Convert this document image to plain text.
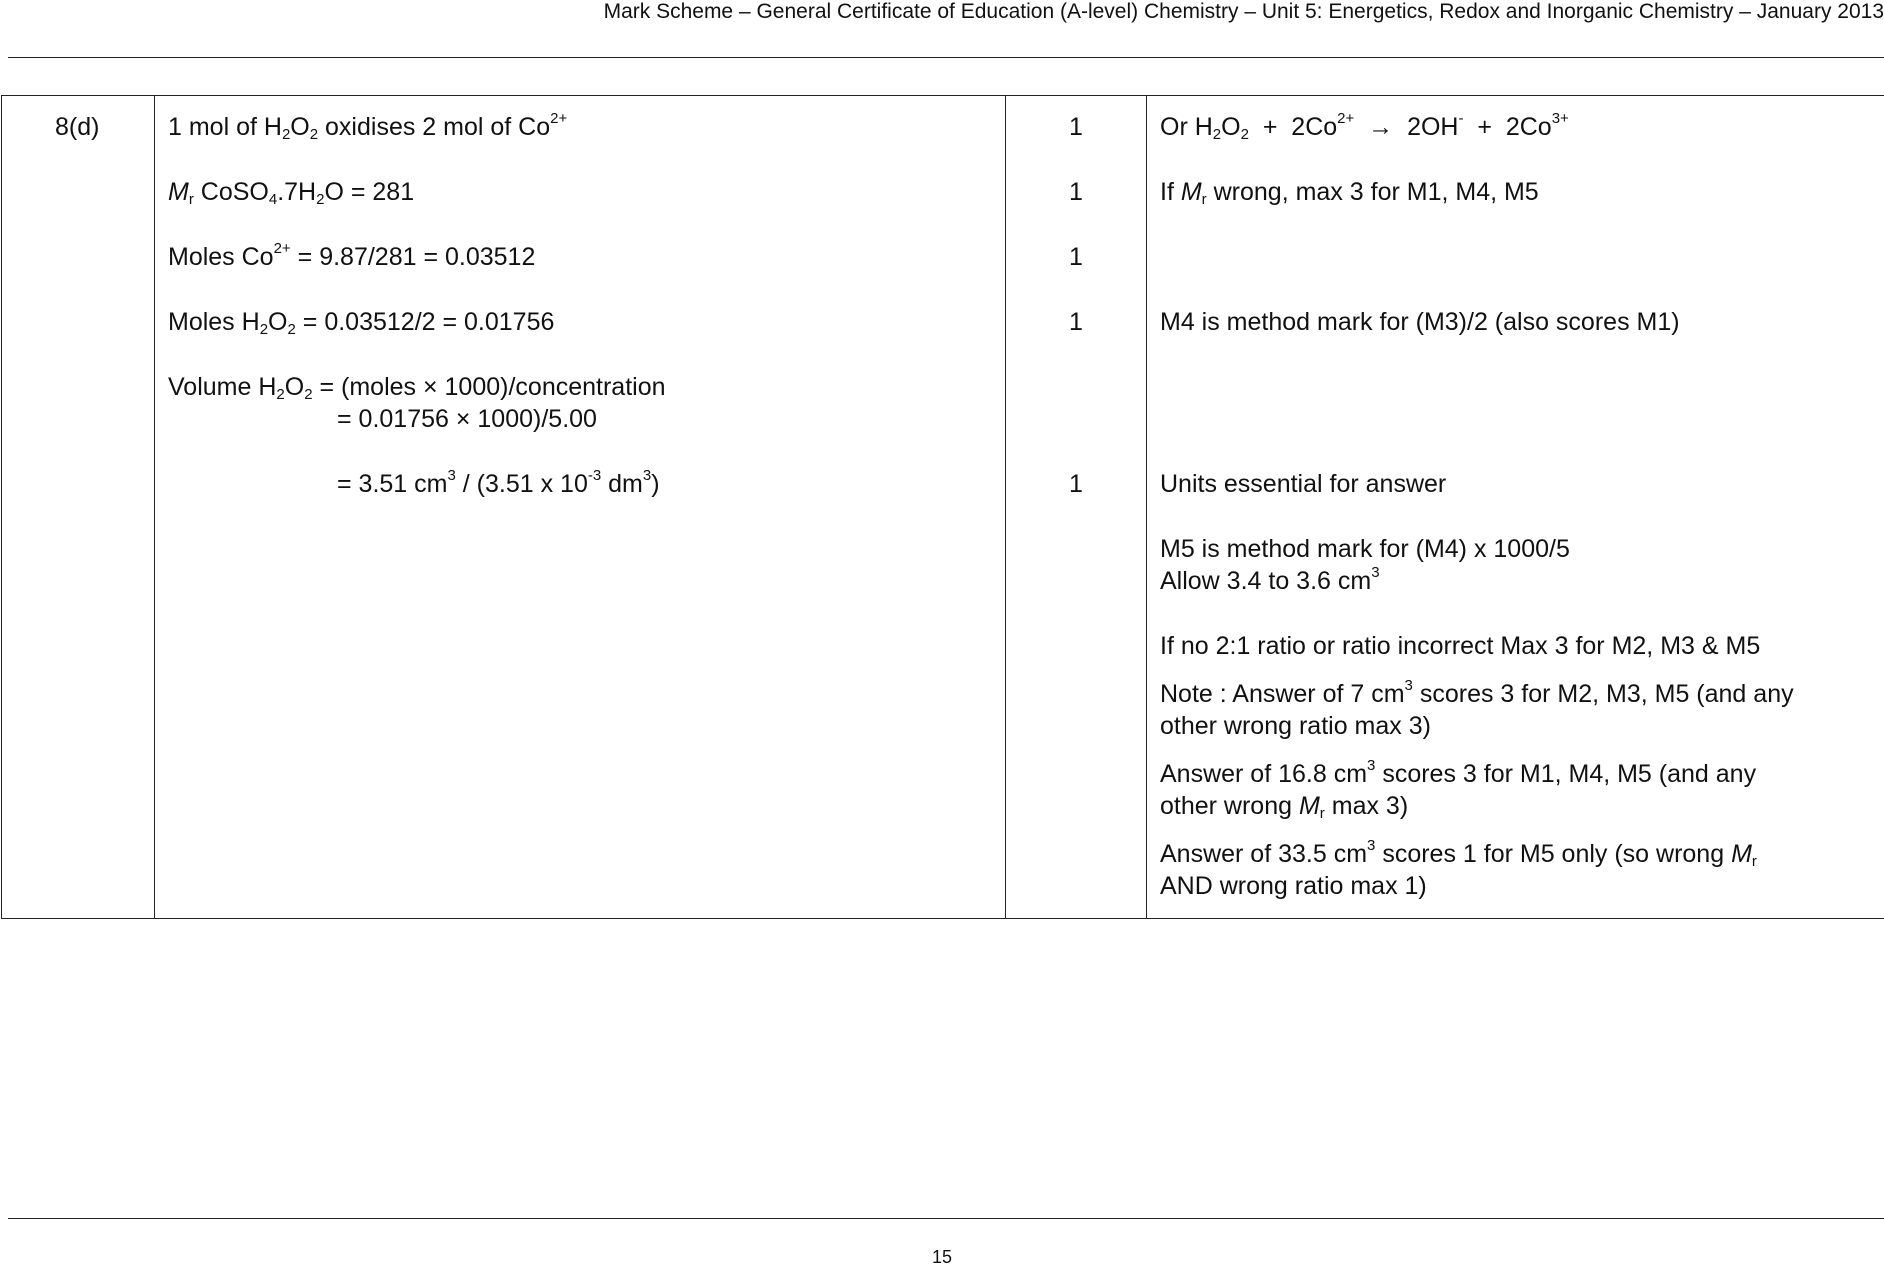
Mark Scheme – General Certificate of Education (A-level) Chemistry – Unit 5: Energetics, Redox and Inorganic Chemistry – January 2013
8(d)	1 mol of $H_2O_2$ oxidises 2 mol of $Co^{2+}$
$M_r$ $CoSO_4.7H_2O = 281$
Moles $Co^{2+} = 9.87/281 = 0.03512$
Moles $H_2O_2 = 0.03512/2 = 0.01756$
Volume $H_2O_2$ = (moles × 1000)/concentration
= 0.01756 × 1000)/5.00
= 3.51 $cm^3 / (3.51$ x $10^{-3}$ $dm^3$)
1
1
1
1
1
Or $H_2O_2 + 2Co^{2+} \to 2OH^- + 2Co^{3+}$
If $M_r$ wrong, max 3 for M1, M4, M5
M4 is method mark for (M3)/2 (also scores M1)
Units essential for answer
M5 is method mark for (M4) x 1000/5
Allow 3.4 to 3.6 $cm^3$
If no 2:1 ratio or ratio incorrect Max 3 for M2, M3 & M5
Note : Answer of 7 $cm^3$ scores 3 for M2, M3, M5 (and any
other wrong ratio max 3)
Answer of 16.8 $cm^3$ scores 3 for M1, M4, M5 (and any
other wrong $M_r$ max 3)
Answer of 33.5 $cm^3$ scores 1 for M5 only (so wrong $M_r$
AND wrong ratio max 1)
15
